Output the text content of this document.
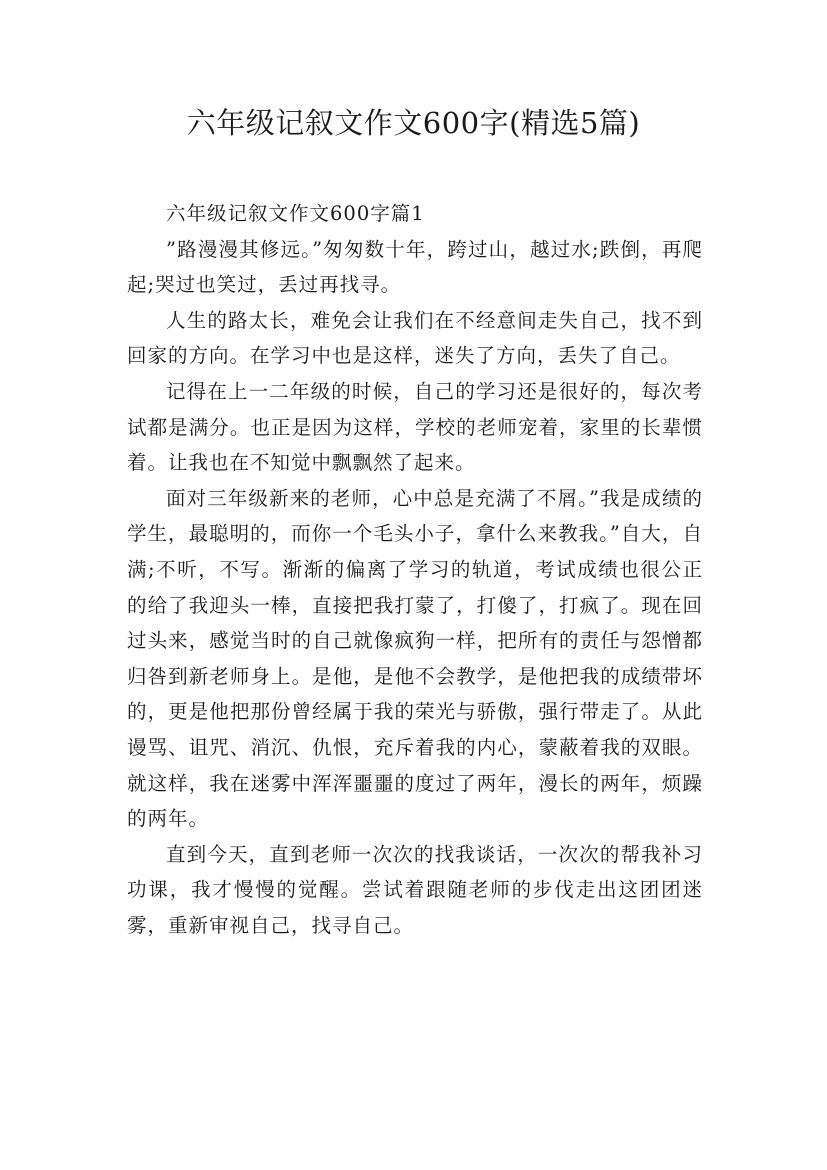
六年级记叙文作文600字(精选5篇)

六年级记叙文作文600字篇1

”路漫漫其修远。”匆匆数十年，跨过山，越过水;跌倒，再爬起;哭过也笑过，丢过再找寻。

人生的路太长，难免会让我们在不经意间走失自己，找不到回家的方向。在学习中也是这样，迷失了方向，丢失了自己。

记得在上一二年级的时候，自己的学习还是很好的，每次考试都是满分。也正是因为这样，学校的老师宠着，家里的长辈惯着。让我也在不知觉中飘飘然了起来。

面对三年级新来的老师，心中总是充满了不屑。”我是成绩的学生，最聪明的，而你一个毛头小子，拿什么来教我。”自大，自满;不听，不写。渐渐的偏离了学习的轨道，考试成绩也很公正的给了我迎头一棒，直接把我打蒙了，打傻了，打疯了。现在回过头来，感觉当时的自己就像疯狗一样，把所有的责任与怨憎都归咎到新老师身上。是他，是他不会教学，是他把我的成绩带坏的，更是他把那份曾经属于我的荣光与骄傲，强行带走了。从此谩骂、诅咒、消沉、仇恨，充斥着我的内心，蒙蔽着我的双眼。就这样，我在迷雾中浑浑噩噩的度过了两年，漫长的两年，烦躁的两年。

直到今天，直到老师一次次的找我谈话，一次次的帮我补习功课，我才慢慢的觉醒。尝试着跟随老师的步伐走出这团团迷雾，重新审视自己，找寻自己。
